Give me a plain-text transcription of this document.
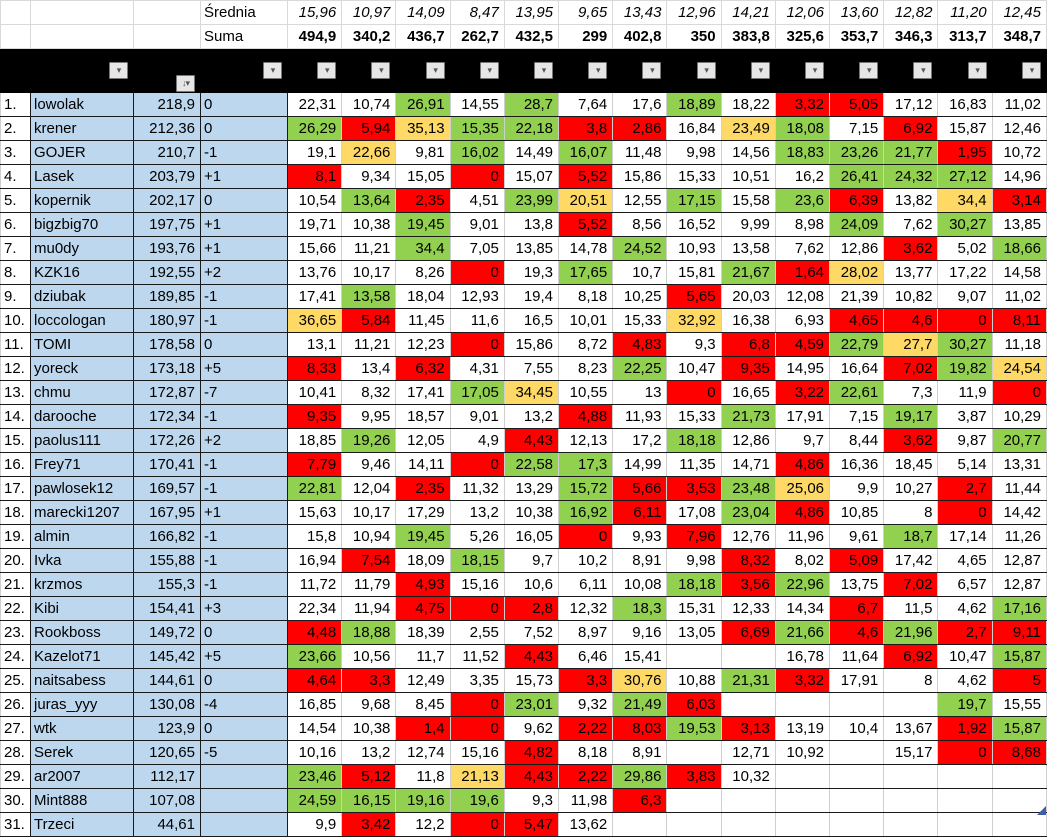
			Średnia	15,96	10,97	14,09	8,47	13,95	9,65	13,43	12,96	14,21	12,06	13,60	12,82	11,20	12,45
			Suma	494,9	340,2	436,7	262,7	432,5	299	402,8	350	383,8	325,6	353,7	346,3	313,7	348,7

	Nick ▾	Suma
↓▾	Zmiana ▾	1 ▾	2 ▾	3 ▾	4 ▾	5 ▾	6 ▾	7 ▾	8 ▾	9 ▾	10 ▾	11 ▾	12 ▾	13 ▾	14 ▾

1.	lowolak	218,9	0	22,31	10,74	26,91	14,55	28,7	7,64	17,6	18,89	18,22	3,32	5,05	17,12	16,83	11,02
2.	krener	212,36	0	26,29	5,94	35,13	15,35	22,18	3,8	2,86	16,84	23,49	18,08	7,15	6,92	15,87	12,46
3.	GOJER	210,7	-1	19,1	22,66	9,81	16,02	14,49	16,07	11,48	9,98	14,56	18,83	23,26	21,77	1,95	10,72
4.	Lasek	203,79	+1	8,1	9,34	15,05	0	15,07	5,52	15,86	15,33	10,51	16,2	26,41	24,32	27,12	14,96
5.	kopernik	202,17	0	10,54	13,64	2,35	4,51	23,99	20,51	12,55	17,15	15,58	23,6	6,39	13,82	34,4	3,14
6.	bigzbig70	197,75	+1	19,71	10,38	19,45	9,01	13,8	5,52	8,56	16,52	9,99	8,98	24,09	7,62	30,27	13,85
7.	mu0dy	193,76	+1	15,66	11,21	34,4	7,05	13,85	14,78	24,52	10,93	13,58	7,62	12,86	3,62	5,02	18,66
8.	KZK16	192,55	+2	13,76	10,17	8,26	0	19,3	17,65	10,7	15,81	21,67	1,64	28,02	13,77	17,22	14,58
9.	dziubak	189,85	-1	17,41	13,58	18,04	12,93	19,4	8,18	10,25	5,65	20,03	12,08	21,39	10,82	9,07	11,02
10.	loccologan	180,97	-1	36,65	5,84	11,45	11,6	16,5	10,01	15,33	32,92	16,38	6,93	4,65	4,6	0	8,11
11.	TOMI	178,58	0	13,1	11,21	12,23	0	15,86	8,72	4,83	9,3	6,8	4,59	22,79	27,7	30,27	11,18
12.	yoreck	173,18	+5	8,33	13,4	6,32	4,31	7,55	8,23	22,25	10,47	9,35	14,95	16,64	7,02	19,82	24,54
13.	chmu	172,87	-7	10,41	8,32	17,41	17,05	34,45	10,55	13	0	16,65	3,22	22,61	7,3	11,9	0
14.	darooche	172,34	-1	9,35	9,95	18,57	9,01	13,2	4,88	11,93	15,33	21,73	17,91	7,15	19,17	3,87	10,29
15.	paolus111	172,26	+2	18,85	19,26	12,05	4,9	4,43	12,13	17,2	18,18	12,86	9,7	8,44	3,62	9,87	20,77
16.	Frey71	170,41	-1	7,79	9,46	14,11	0	22,58	17,3	14,99	11,35	14,71	4,86	16,36	18,45	5,14	13,31
17.	pawlosek12	169,57	-1	22,81	12,04	2,35	11,32	13,29	15,72	5,66	3,53	23,48	25,06	9,9	10,27	2,7	11,44
18.	marecki1207	167,95	+1	15,63	10,17	17,29	13,2	10,38	16,92	6,11	17,08	23,04	4,86	10,85	8	0	14,42
19.	almin	166,82	-1	15,8	10,94	19,45	5,26	16,05	0	9,93	7,96	12,76	11,96	9,61	18,7	17,14	11,26
20.	Ivka	155,88	-1	16,94	7,54	18,09	18,15	9,7	10,2	8,91	9,98	8,32	8,02	5,09	17,42	4,65	12,87
21.	krzmos	155,3	-1	11,72	11,79	4,93	15,16	10,6	6,11	10,08	18,18	3,56	22,96	13,75	7,02	6,57	12,87
22.	Kibi	154,41	+3	22,34	11,94	4,75	0	2,8	12,32	18,3	15,31	12,33	14,34	6,7	11,5	4,62	17,16
23.	Rookboss	149,72	0	4,48	18,88	18,39	2,55	7,52	8,97	9,16	13,05	6,69	21,66	4,6	21,96	2,7	9,11
24.	Kazelot71	145,42	+5	23,66	10,56	11,7	11,52	4,43	6,46	15,41			16,78	11,64	6,92	10,47	15,87
25.	naitsabess	144,61	0	4,64	3,3	12,49	3,35	15,73	3,3	30,76	10,88	21,31	3,32	17,91	8	4,62	5
26.	juras_yyy	130,08	-4	16,85	9,68	8,45	0	23,01	9,32	21,49	6,03					19,7	15,55
27.	wtk	123,9	0	14,54	10,38	1,4	0	9,62	2,22	8,03	19,53	3,13	13,19	10,4	13,67	1,92	15,87
28.	Serek	120,65	-5	10,16	13,2	12,74	15,16	4,82	8,18	8,91		12,71	10,92		15,17	0	8,68
29.	ar2007	112,17		23,46	5,12	11,8	21,13	4,43	2,22	29,86	3,83	10,32					
30.	Mint888	107,08		24,59	16,15	19,16	19,6	9,3	11,98	6,3							
31.	Trzeci	44,61		9,9	3,42	12,2	0	5,47	13,62								
